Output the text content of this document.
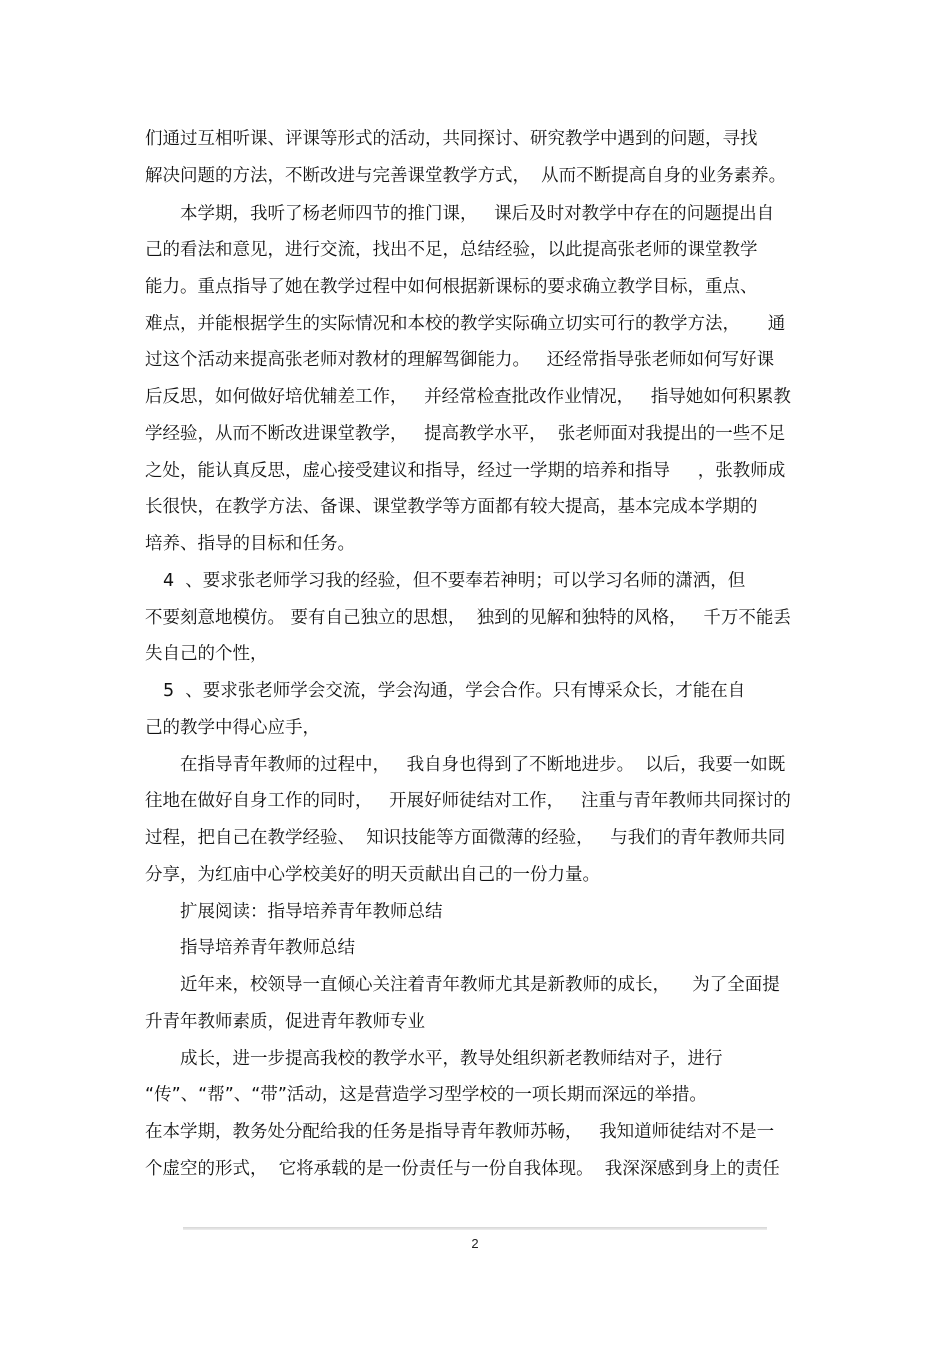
们通过互相听课、评课等形式的活动，共同探讨、研究教学中遇到的问题，寻找
解决问题的方法，不断改进与完善课堂教学方式，  从而不断提高自身的业务素养。
本学期，我听了杨老师四节的推门课，   课后及时对教学中存在的问题提出自
己的看法和意见，进行交流，找出不足，总结经验，以此提高张老师的课堂教学
能力。重点指导了她在教学过程中如何根据新课标的要求确立教学目标，重点、
难点，并能根据学生的实际情况和本校的教学实际确立切实可行的教学方法，     通
过这个活动来提高张老师对教材的理解驾御能力。   还经常指导张老师如何写好课
后反思，如何做好培优辅差工作，   并经常检查批改作业情况，   指导她如何积累教
学经验，从而不断改进课堂教学，   提高教学水平，  张老师面对我提出的一些不足
之处，能认真反思，虚心接受建议和指导，经过一学期的培养和指导     ，张教师成
长很快，在教学方法、备课、课堂教学等方面都有较大提高，基本完成本学期的
培养、指导的目标和任务。
4  、要求张老师学习我的经验，但不要奉若神明；可以学习名师的潇洒，但
不要刻意地模仿。 要有自己独立的思想，  独到的见解和独特的风格，   千万不能丢
失自己的个性，
5  、要求张老师学会交流，学会沟通，学会合作。只有博采众长，才能在自
己的教学中得心应手，
在指导青年教师的过程中，   我自身也得到了不断地进步。  以后，我要一如既
往地在做好自身工作的同时，   开展好师徒结对工作，   注重与青年教师共同探讨的
过程，把自己在教学经验、  知识技能等方面微薄的经验，   与我们的青年教师共同
分享，为红庙中心学校美好的明天贡献出自己的一份力量。
扩展阅读：指导培养青年教师总结
指导培养青年教师总结
近年来，校领导一直倾心关注着青年教师尤其是新教师的成长，    为了全面提
升青年教师素质，促进青年教师专业
成长，进一步提高我校的教学水平，教导处组织新老教师结对子，进行
“传”、“帮”、“带”活动，这是营造学习型学校的一项长期而深远的举措。
在本学期，教务处分配给我的任务是指导青年教师苏畅，   我知道师徒结对不是一
个虚空的形式，  它将承载的是一份责任与一份自我体现。  我深深感到身上的责任
2
